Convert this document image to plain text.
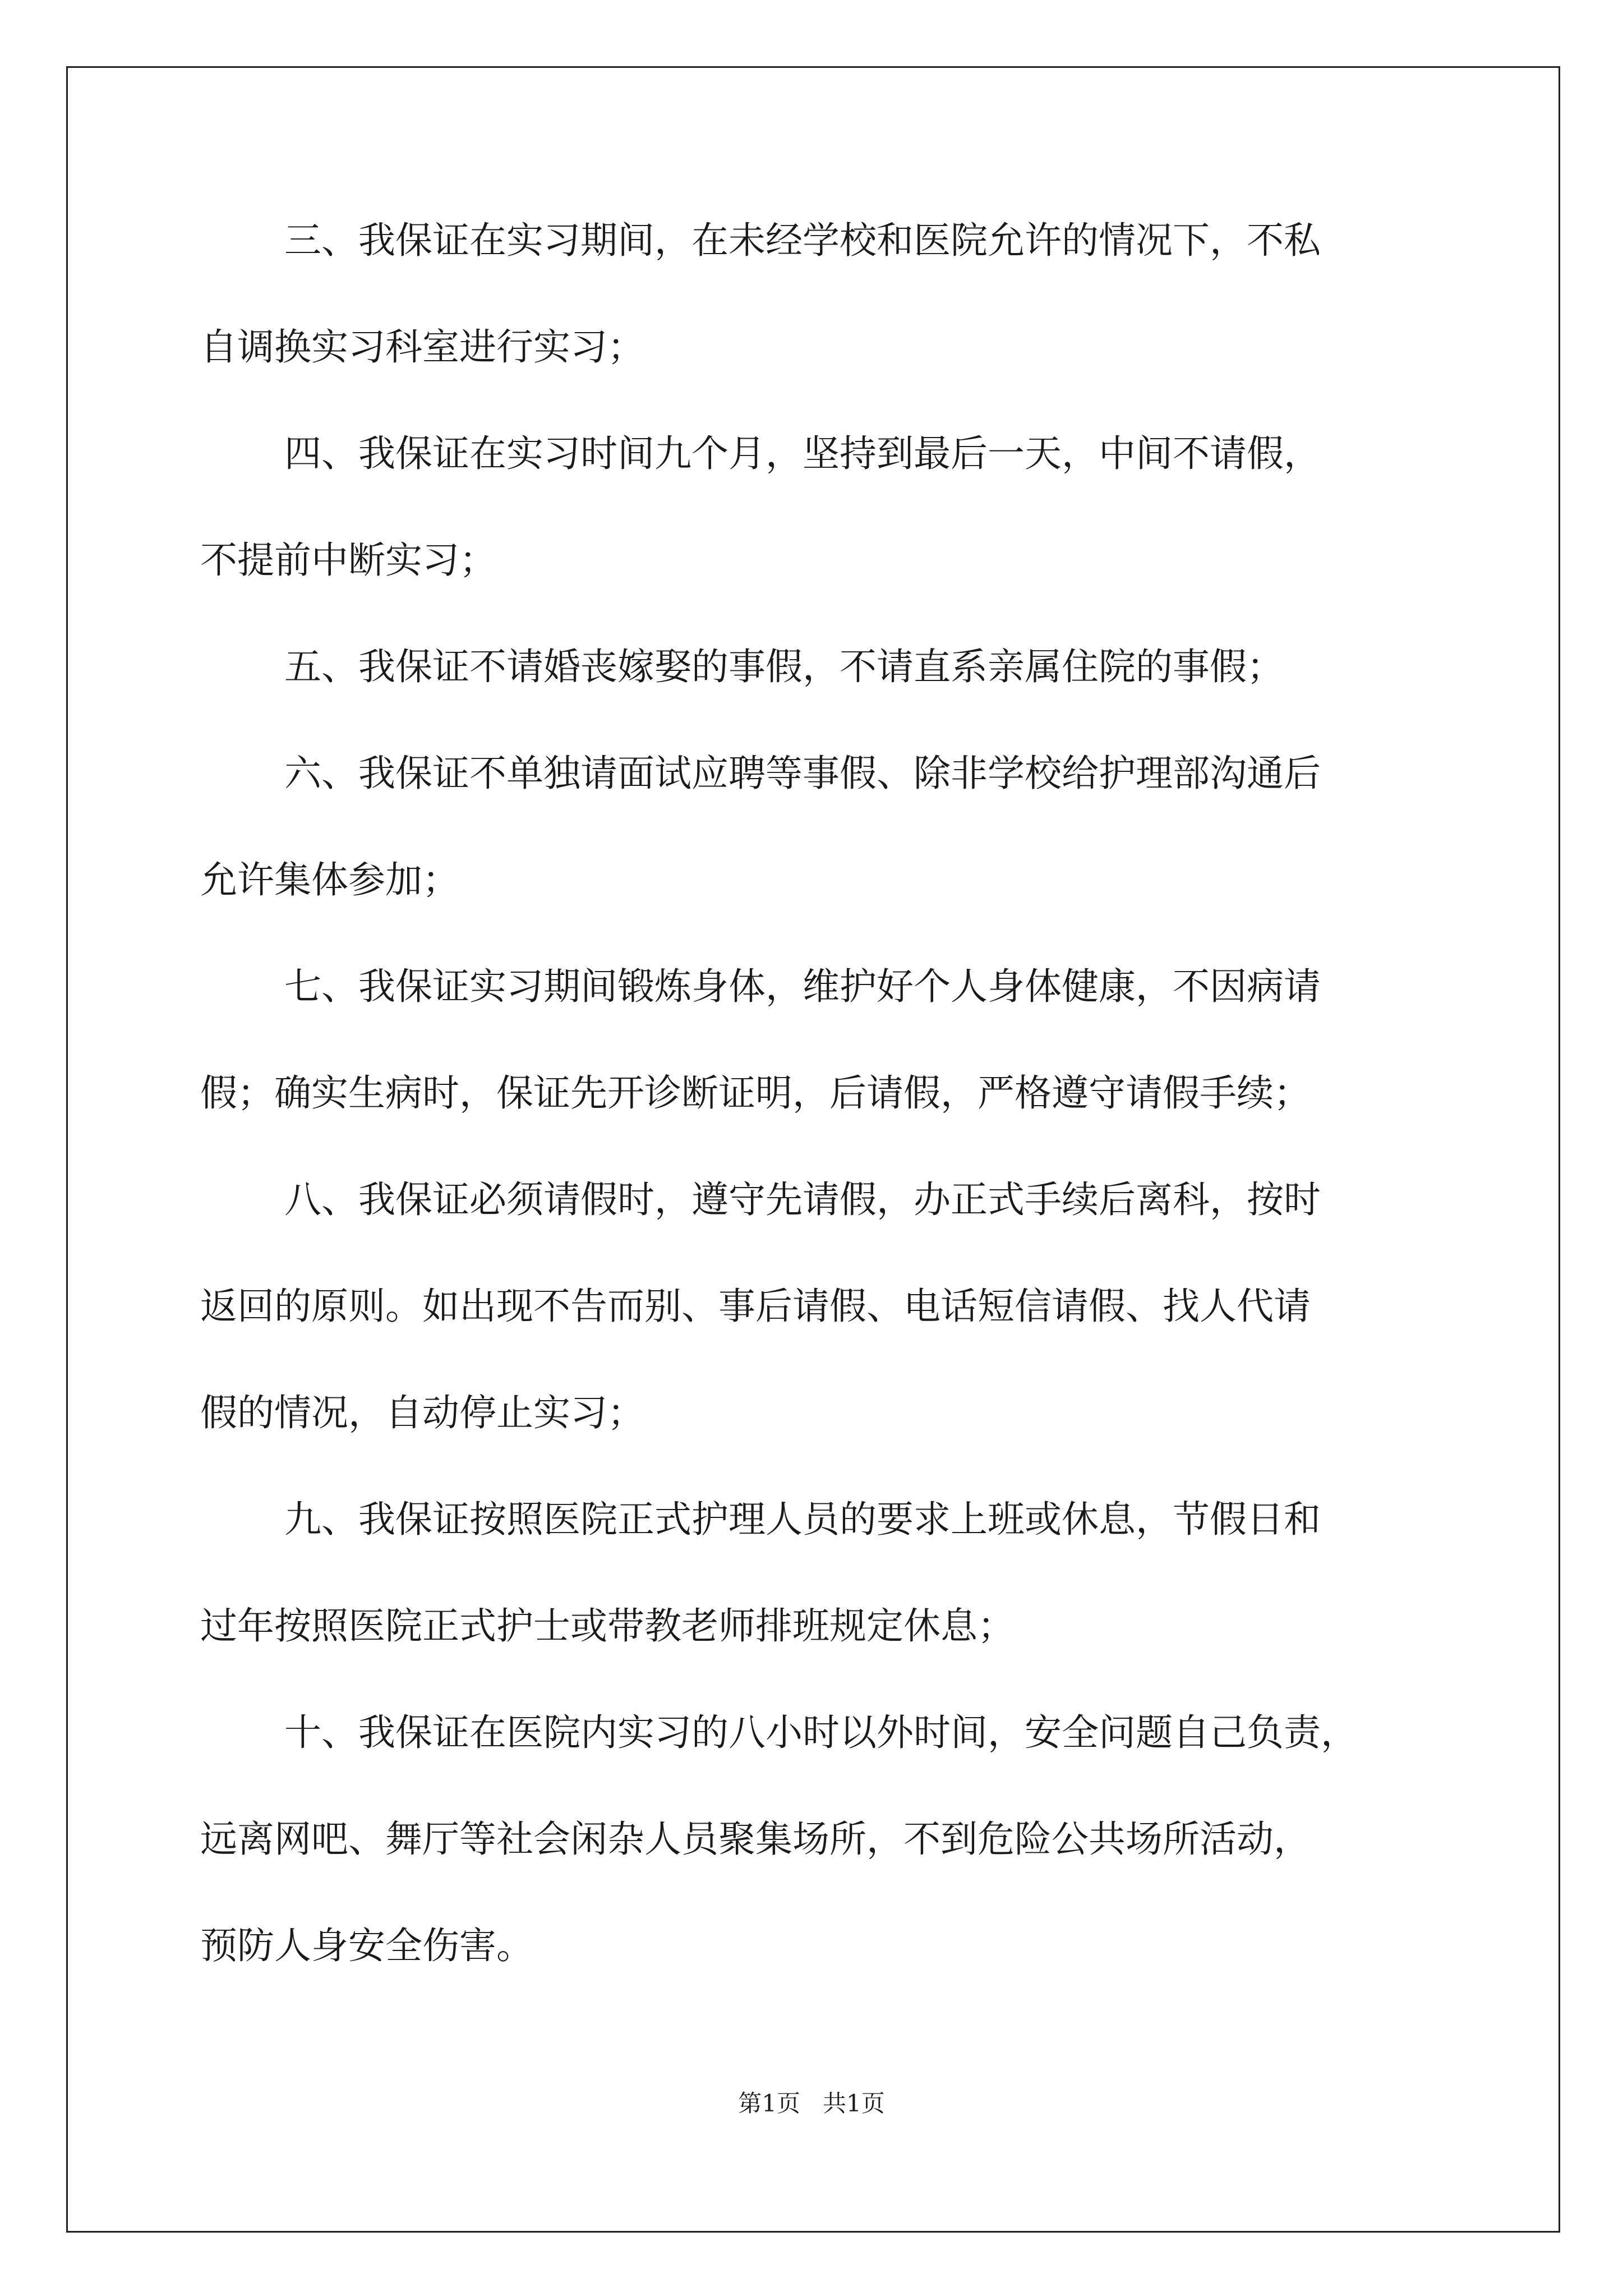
三、我保证在实习期间，在未经学校和医院允许的情况下，不私
自调换实习科室进行实习；
四、我保证在实习时间九个月，坚持到最后一天，中间不请假，
不提前中断实习；
五、我保证不请婚丧嫁娶的事假，不请直系亲属住院的事假；
六、我保证不单独请面试应聘等事假、除非学校给护理部沟通后
允许集体参加；
七、我保证实习期间锻炼身体，维护好个人身体健康，不因病请
假；确实生病时，保证先开诊断证明，后请假，严格遵守请假手续；
八、我保证必须请假时，遵守先请假，办正式手续后离科，按时
返回的原则。如出现不告而别、事后请假、电话短信请假、找人代请
假的情况，自动停止实习；
九、我保证按照医院正式护理人员的要求上班或休息，节假日和
过年按照医院正式护士或带教老师排班规定休息；
十、我保证在医院内实习的八小时以外时间，安全问题自己负责，
远离网吧、舞厅等社会闲杂人员聚集场所，不到危险公共场所活动，
预防人身安全伤害。
第1页   共1页
